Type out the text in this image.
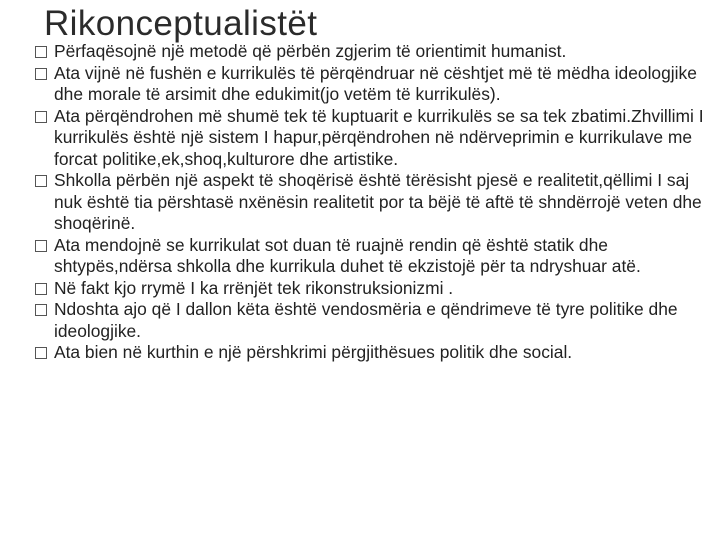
Rikonceptualistët
Përfaqësojnë një metodë që përbën zgjerim të orientimit humanist.
Ata vijnë në fushën e kurrikulës të përqëndruar në cështjet më të mëdha ideologjike dhe morale të arsimit dhe edukimit(jo vetëm të kurrikulës).
Ata përqëndrohen më shumë tek të kuptuarit e kurrikulës se sa tek zbatimi.Zhvillimi I kurrikulës është një sistem I hapur,përqëndrohen në ndërveprimin e kurrikulave me forcat politike,ek,shoq,kulturore dhe artistike.
Shkolla përbën një aspekt të shoqërisë është tërësisht pjesë e realitetit,qëllimi I saj nuk është tia përshtasë nxënësin realitetit por ta bëjë të aftë të shndërrojë veten dhe shoqërinë.
Ata mendojnë se kurrikulat sot duan të ruajnë rendin që është statik dhe shtypës,ndërsa shkolla dhe kurrikula duhet të ekzistojë për ta ndryshuar atë.
Në fakt kjo rrymë I ka rrënjët tek rikonstruksionizmi .
Ndoshta ajo që I dallon këta është vendosmëria e qëndrimeve të tyre politike dhe ideologjike.
Ata bien në kurthin e një përshkrimi përgjithësues politik dhe social.
